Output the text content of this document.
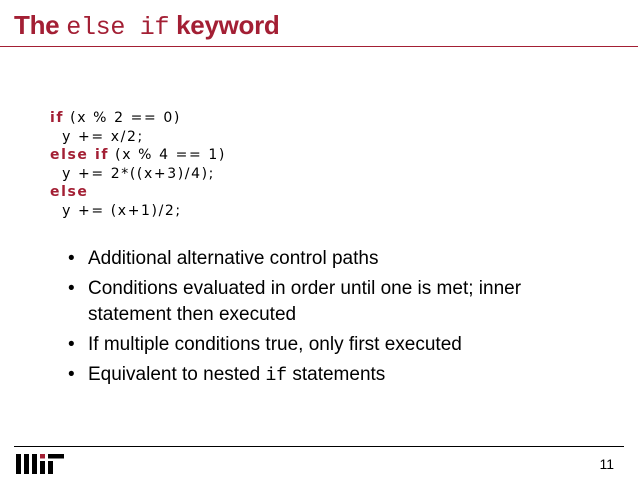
The else if keyword
if (x % 2 == 0)
y += x/2;
else if (x % 4 == 1)
y += 2*((x+3)/4);
else
y += (x+1)/2;
• Additional alternative control paths
• Conditions evaluated in order until one is met; inner statement then executed
• If multiple conditions true, only first executed
• Equivalent to nested if statements
11
